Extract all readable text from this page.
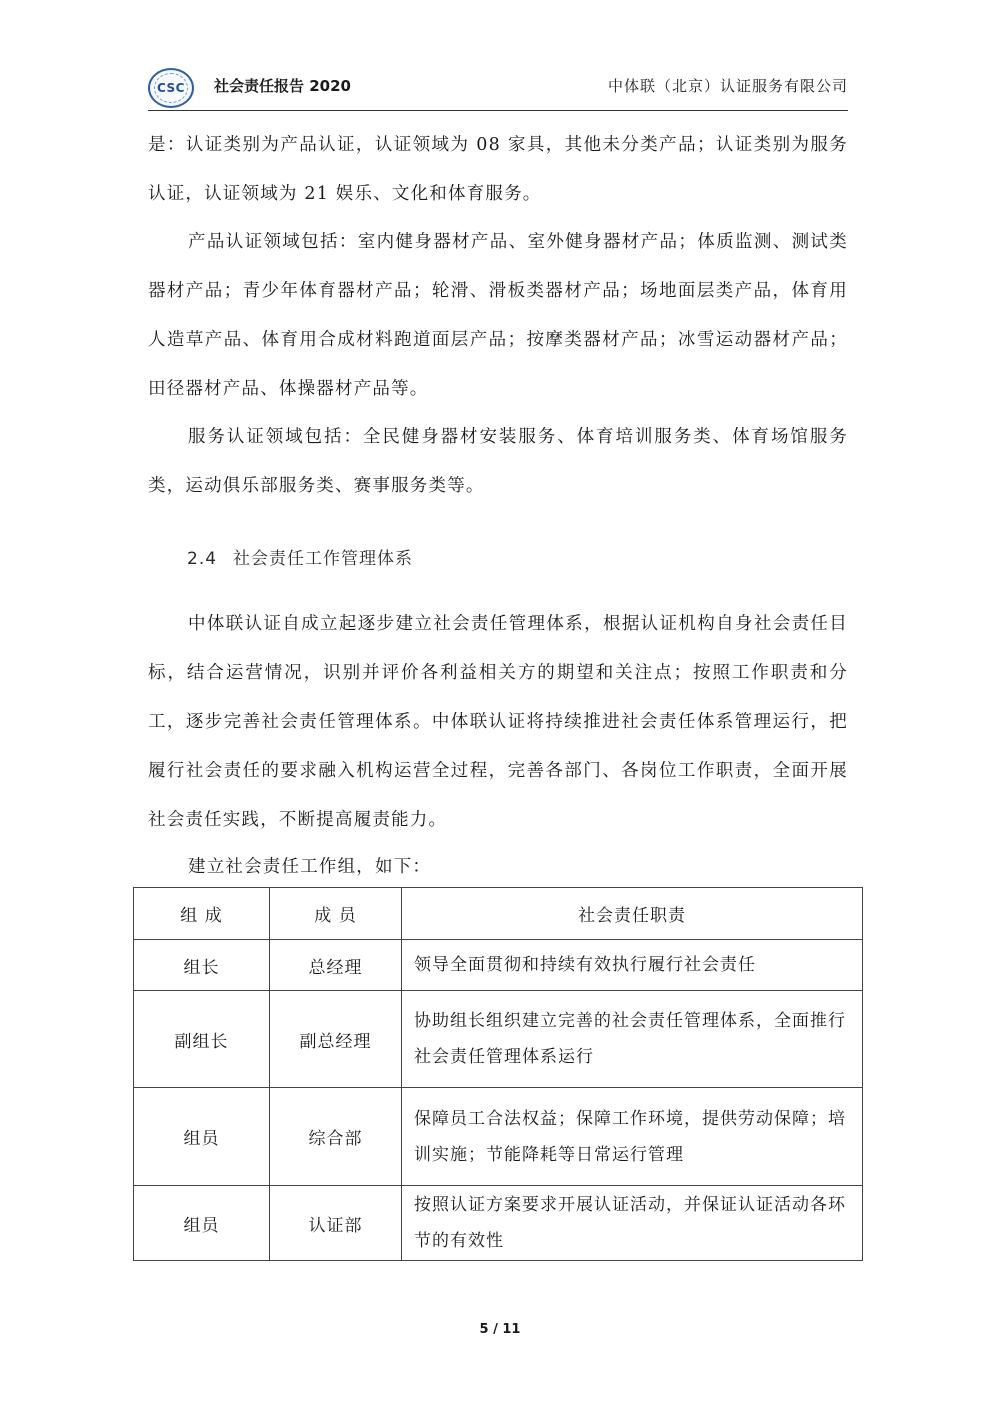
CSC	社会责任报告 2020	中体联（北京）认证服务有限公司
是：认证类别为产品认证，认证领域为 08 家具，其他未分类产品；认证类别为服务认证，认证领域为 21 娱乐、文化和体育服务。
产品认证领域包括：室内健身器材产品、室外健身器材产品；体质监测、测试类器材产品；青少年体育器材产品；轮滑、滑板类器材产品；场地面层类产品，体育用人造草产品、体育用合成材料跑道面层产品；按摩类器材产品；冰雪运动器材产品；田径器材产品、体操器材产品等。
服务认证领域包括：全民健身器材安装服务、体育培训服务类、体育场馆服务类，运动俱乐部服务类、赛事服务类等。
2.4 社会责任工作管理体系
中体联认证自成立起逐步建立社会责任管理体系，根据认证机构自身社会责任目标，结合运营情况，识别并评价各利益相关方的期望和关注点；按照工作职责和分工，逐步完善社会责任管理体系。中体联认证将持续推进社会责任体系管理运行，把履行社会责任的要求融入机构运营全过程，完善各部门、各岗位工作职责，全面开展社会责任实践，不断提高履责能力。
建立社会责任工作组，如下：
组 成	成 员	社会责任职责
组长	总经理	领导全面贯彻和持续有效执行履行社会责任
副组长	副总经理	协助组长组织建立完善的社会责任管理体系，全面推行社会责任管理体系运行
组员	综合部	保障员工合法权益；保障工作环境，提供劳动保障；培训实施；节能降耗等日常运行管理
组员	认证部	按照认证方案要求开展认证活动，并保证认证活动各环节的有效性
5 / 11
